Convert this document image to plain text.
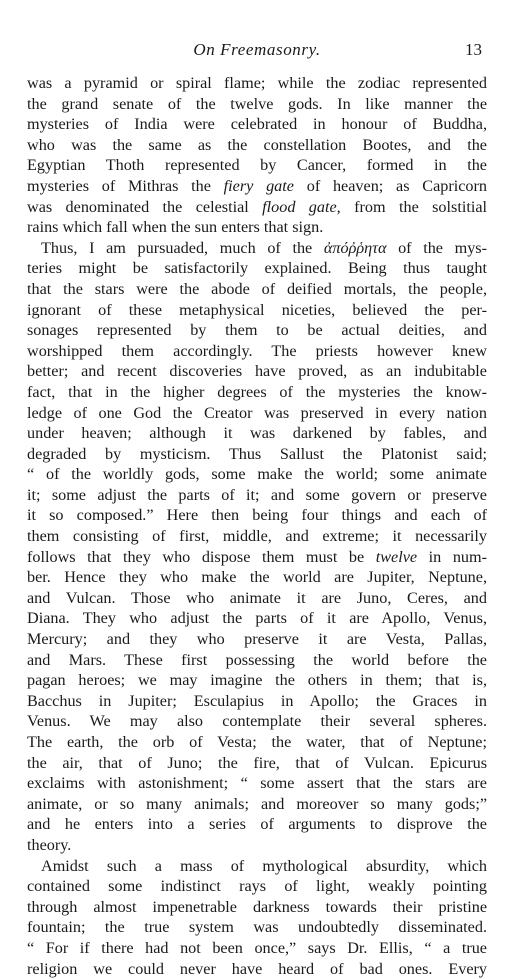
On Freemasonry.	13
was a pyramid or spiral flame; while the zodiac represented
the grand senate of the twelve gods. In like manner the
mysteries of India were celebrated in honour of Buddha,
who was the same as the constellation Bootes, and the
Egyptian Thoth represented by Cancer, formed in the
mysteries of Mithras the fiery gate of heaven; as Capricorn
was denominated the celestial flood gate, from the solstitial
rains which fall when the sun enters that sign.
Thus, I am pursuaded, much of the ἀπόῤῥητα of the mys-
teries might be satisfactorily explained. Being thus taught
that the stars were the abode of deified mortals, the people,
ignorant of these metaphysical niceties, believed the per-
sonages represented by them to be actual deities, and
worshipped them accordingly. The priests however knew
better; and recent discoveries have proved, as an indubitable
fact, that in the higher degrees of the mysteries the know-
ledge of one God the Creator was preserved in every nation
under heaven; although it was darkened by fables, and
degraded by mysticism. Thus Sallust the Platonist said;
“ of the worldly gods, some make the world; some animate
it; some adjust the parts of it; and some govern or preserve
it so composed.” Here then being four things and each of
them consisting of first, middle, and extreme; it necessarily
follows that they who dispose them must be twelve in num-
ber. Hence they who make the world are Jupiter, Neptune,
and Vulcan. Those who animate it are Juno, Ceres, and
Diana. They who adjust the parts of it are Apollo, Venus,
Mercury; and they who preserve it are Vesta, Pallas,
and Mars. These first possessing the world before the
pagan heroes; we may imagine the others in them; that is,
Bacchus in Jupiter; Esculapius in Apollo; the Graces in
Venus. We may also contemplate their several spheres.
The earth, the orb of Vesta; the water, that of Neptune;
the air, that of Juno; the fire, that of Vulcan. Epicurus
exclaims with astonishment; “ some assert that the stars are
animate, or so many animals; and moreover so many gods;”
and he enters into a series of arguments to disprove the
theory.
Amidst such a mass of mythological absurdity, which
contained some indistinct rays of light, weakly pointing
through almost impenetrable darkness towards their pristine
fountain; the true system was undoubtedly disseminated.
“ For if there had not been once,” says Dr. Ellis, “ a true
religion we could never have heard of bad ones. Every
